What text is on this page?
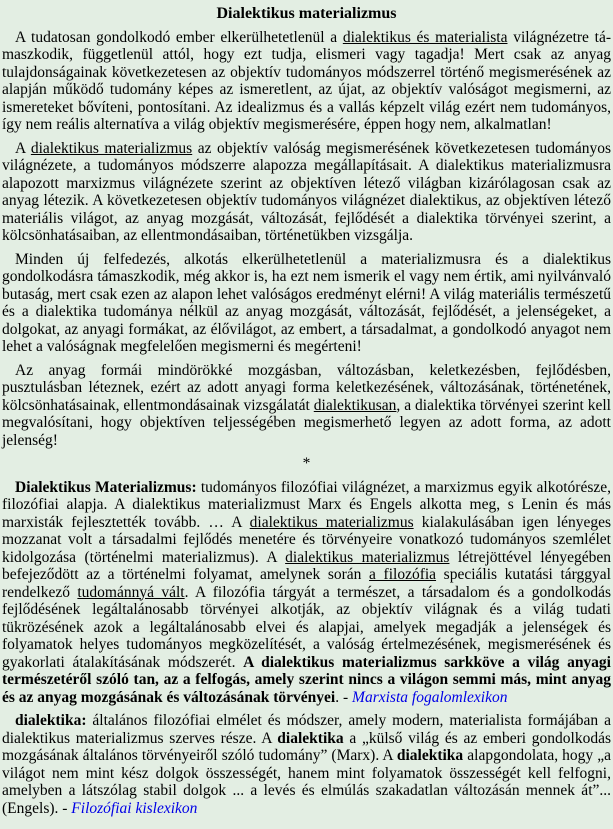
Dialektikus materializmus

A tudatosan gondolkodó ember elkerülhetetlenül a dialektikus és materialista világnézetre támaszkodik, függetlenül attól, hogy ezt tudja, elismeri vagy tagadja! Mert csak az anyag tulajdonságainak következetesen az objektív tudományos módszerrel történő megismerésének az alapján működő tudomány képes az ismeretlent, az újat, az objektív valóságot megismerni, az ismereteket bővíteni, pontosítani. Az idealizmus és a vallás képzelt világ ezért nem tudományos, így nem reális alternatíva a világ objektív megismerésére, éppen hogy nem, alkalmatlan!

A dialektikus materializmus az objektív valóság megismerésének következetesen tudományos világnézete, a tudományos módszerre alapozza megállapításait. A dialektikus materializmusra alapozott marxizmus világnézete szerint az objektíven létező világban kizárólagosan csak az anyag létezik. A következetesen objektív tudományos világnézet dialektikus, az objektíven létező materiális világot, az anyag mozgását, változását, fejlődését a dialektika törvényei szerint, a kölcsönhatásaiban, az ellentmondásaiban, történetükben vizsgálja.

Minden új felfedezés, alkotás elkerülhetetlenül a materializmusra és a dialektikus gondolkodásra támaszkodik, még akkor is, ha ezt nem ismerik el vagy nem értik, ami nyilvánvaló butaság, mert csak ezen az alapon lehet valóságos eredményt elérni! A világ materiális természetű és a dialektika tudománya nélkül az anyag mozgását, változását, fejlődését, a jelenségeket, a dolgokat, az anyagi formákat, az élővilágot, az embert, a társadalmat, a gondolkodó anyagot nem lehet a valóságnak megfelelően megismerni és megérteni!

Az anyag formái mindörökké mozgásban, változásban, keletkezésben, fejlődésben, pusztulásban léteznek, ezért az adott anyagi forma keletkezésének, változásának, történetének, kölcsönhatásainak, ellentmondásainak vizsgálatát dialektikusan, a dialektika törvényei szerint kell megvalósítani, hogy objektíven teljességében megismerhető legyen az adott forma, az adott jelenség!

*

Dialektikus Materializmus: tudományos filozófiai világnézet, a marxizmus egyik alkotórésze, filozófiai alapja. A dialektikus materializmust Marx és Engels alkotta meg, s Lenin és más marxisták fejlesztették tovább. … A dialektikus materializmus kialakulásában igen lényeges mozzanat volt a társadalmi fejlődés menetére és törvényeire vonatkozó tudományos szemlélet kidolgozása (történelmi materializmus). A dialektikus materializmus létrejöttével lényegében befejeződött az a történelmi folyamat, amelynek során a filozófia speciális kutatási tárggyal rendelkező tudománnyá vált. A filozófia tárgyát a természet, a társadalom és a gondolkodás fejlődésének legáltalánosabb törvényei alkotják, az objektív világnak és a világ tudati tükrözésének azok a legáltalánosabb elvei és alapjai, amelyek megadják a jelenségek és folyamatok helyes tudományos megközelítését, a valóság értelmezésének, megismerésének és gyakorlati átalakításának módszerét. A dialektikus materializmus sarkköve a világ anyagi természetéről szóló tan, az a felfogás, amely szerint nincs a világon semmi más, mint anyag és az anyag mozgásának és változásának törvényei. - Marxista fogalomlexikon

dialektika: általános filozófiai elmélet és módszer, amely modern, materialista formájában a dialektikus materializmus szerves része. A dialektika a „külső világ és az emberi gondolkodás mozgásának általános törvényeiről szóló tudomány” (Marx). A dialektika alapgondolata, hogy „a világot nem mint kész dolgok összességét, hanem mint folyamatok összességét kell felfogni, amelyben a látszólag stabil dolgok ... a levés és elmúlás szakadatlan változásán mennek át”... (Engels). - Filozófiai kislexikon
